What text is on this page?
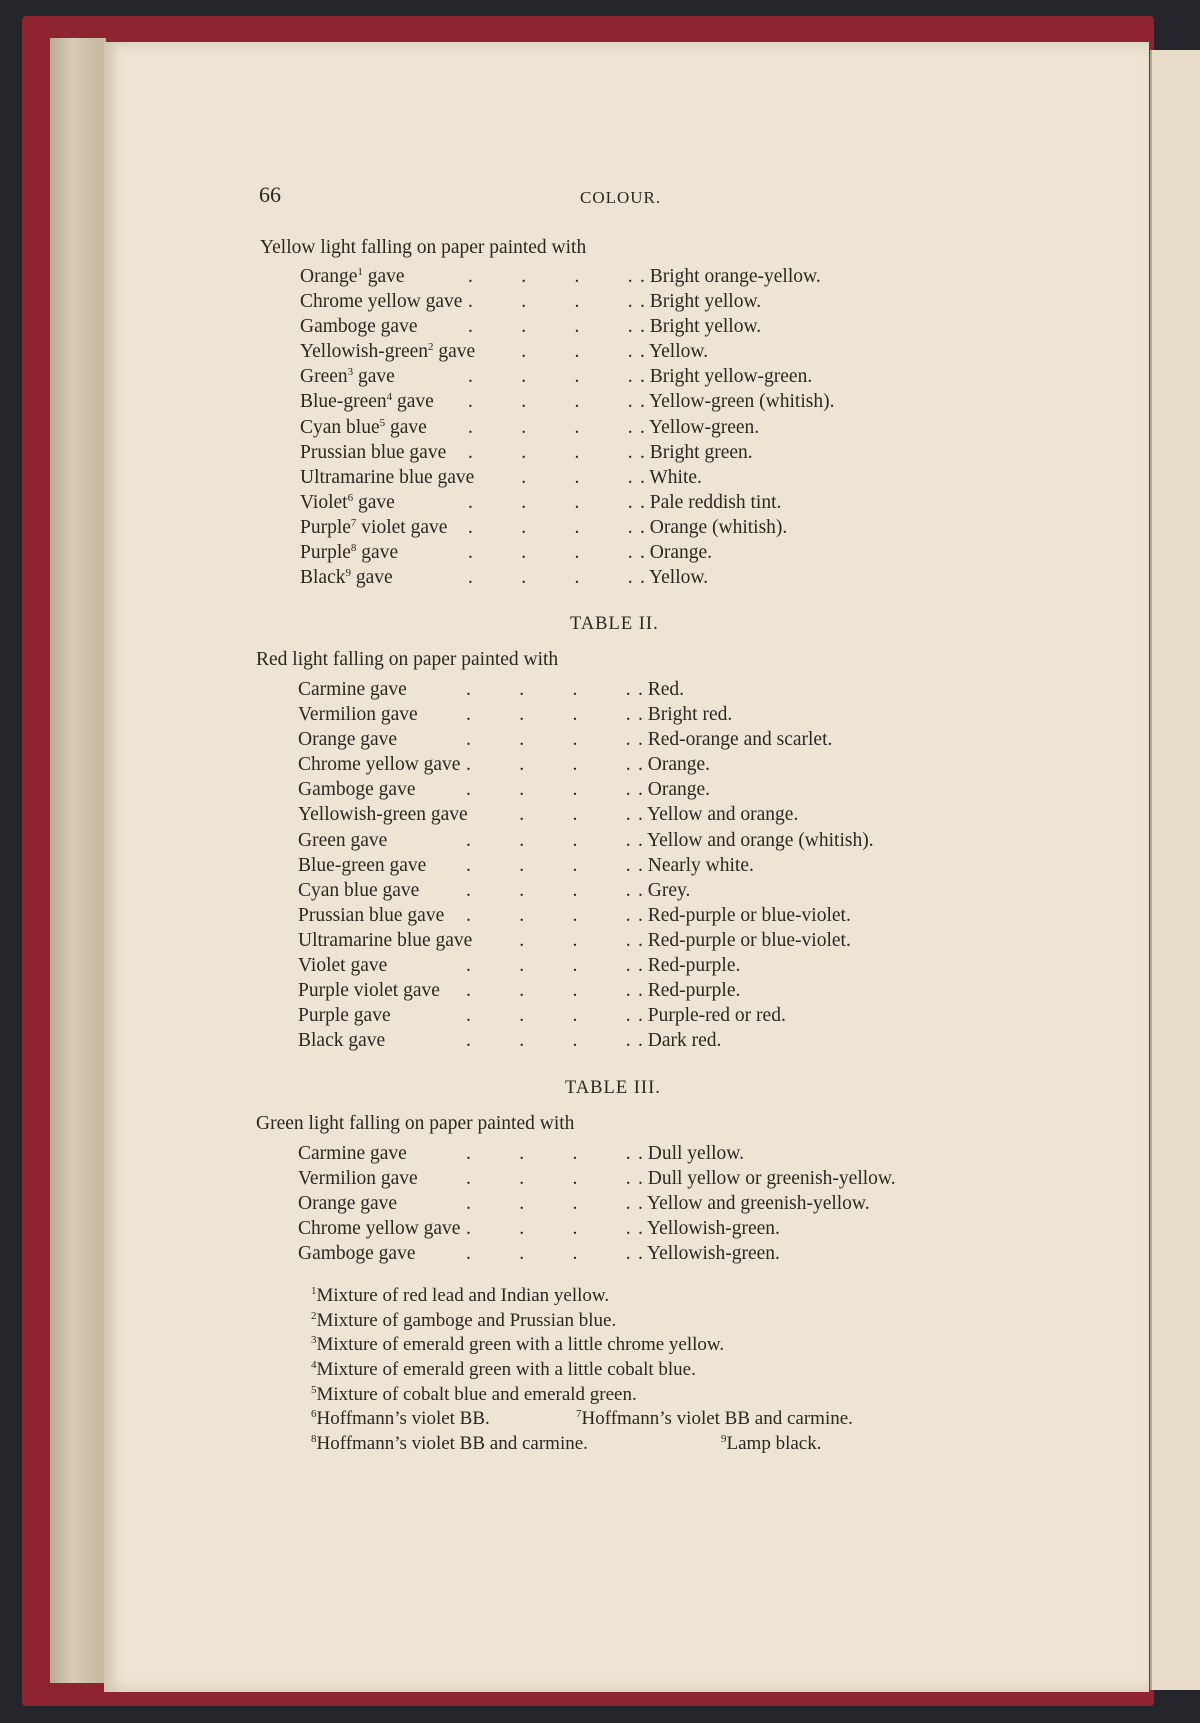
66	COLOUR.
Yellow light falling on paper painted with
.
Orange$^1$ gave	. Bright orange-yellow.
.
Chrome yellow gave	. Bright yellow.
.
Gamboge gave	. Bright yellow.
.
Yellowish-green$^2$ gave	. Yellow.
.
Green$^3$ gave	. Bright yellow-green.
.
Blue-green$^4$ gave	. Yellow-green (whitish).
.
Cyan blue$^5$ gave	. Yellow-green.
.
Prussian blue gave	. Bright green.
.
Ultramarine blue gave	. White.
.
Violet$^6$ gave	. Pale reddish tint.
.
Purple$^7$ violet gave	. Orange (whitish).
.
Purple$^8$ gave	. Orange.
.
Black$^9$ gave	. Yellow.
TABLE II.
Red light falling on paper painted with
.
Carmine gave	. Red.
.
Vermilion gave	. Bright red.
.
Orange gave	. Red-orange and scarlet.
.
Chrome yellow gave	. Orange.
.
Gamboge gave	. Orange.
.
Yellowish-green gave	. Yellow and orange.
.
Green gave	. Yellow and orange (whitish).
.
Blue-green gave	. Nearly white.
.
Cyan blue gave	. Grey.
.
Prussian blue gave	. Red-purple or blue-violet.
.
Ultramarine blue gave	. Red-purple or blue-violet.
.
Violet gave	. Red-purple.
.
Purple violet gave	. Red-purple.
.
Purple gave	. Purple-red or red.
.
Black gave	. Dark red.
TABLE III.
Green light falling on paper painted with
.
Carmine gave	. Dull yellow.
.
Vermilion gave	. Dull yellow or greenish-yellow.
.
Orange gave	. Yellow and greenish-yellow.
.
Chrome yellow gave	. Yellowish-green.
.
Gamboge gave	. Yellowish-green.
$^1$Mixture of red lead and Indian yellow.
$^2$Mixture of gamboge and Prussian blue.
$^3$Mixture of emerald green with a little chrome yellow.
$^4$Mixture of emerald green with a little cobalt blue.
$^5$Mixture of cobalt blue and emerald green.
$^6$Hoffmann’s violet BB.	$^7$Hoffmann’s violet BB and carmine.
$^8$Hoffmann’s violet BB and carmine.	$^9$Lamp black.
